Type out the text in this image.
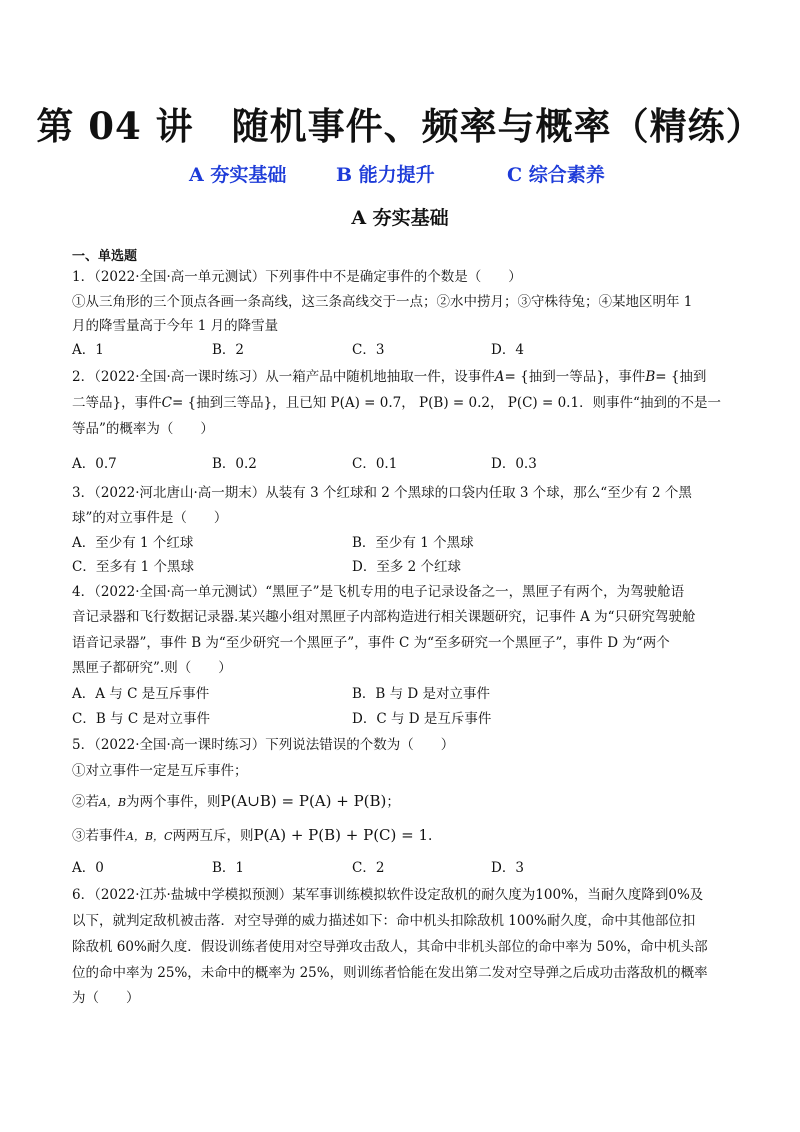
第 04 讲　随机事件、频率与概率（精练）
A 夯实基础	B 能力提升	C 综合素养
A 夯实基础
一、单选题
1．（2022·全国·高一单元测试）下列事件中不是确定事件的个数是（　　）
①从三角形的三个顶点各画一条高线，这三条高线交于一点；②水中捞月；③守株待兔；④某地区明年 1
月的降雪量高于今年 1 月的降雪量
A．1	B．2	C．3	D．4
2．（2022·全国·高一课时练习）从一箱产品中随机地抽取一件，设事件A= {抽到一等品}，事件B= {抽到
二等品}，事件C= {抽到三等品}，且已知 P(A) = 0.7， P(B) = 0.2， P(C) = 0.1．则事件“抽到的不是一
等品”的概率为（　　）
A．0.7	B．0.2	C．0.1	D．0.3
3．（2022·河北唐山·高一期末）从装有 3 个红球和 2 个黑球的口袋内任取 3 个球，那么“至少有 2 个黑
球”的对立事件是（　　）
A．至少有 1 个红球	B．至少有 1 个黑球
C．至多有 1 个黑球	D．至多 2 个红球
4．（2022·全国·高一单元测试）“黑匣子”是飞机专用的电子记录设备之一，黑匣子有两个，为驾驶舱语
音记录器和飞行数据记录器.某兴趣小组对黑匣子内部构造进行相关课题研究，记事件 A 为“只研究驾驶舱
语音记录器”，事件 B 为“至少研究一个黑匣子”，事件 C 为“至多研究一个黑匣子”，事件 D 为“两个
黑匣子都研究”.则（　　）
A．A 与 C 是互斥事件	B．B 与 D 是对立事件
C．B 与 C 是对立事件	D．C 与 D 是互斥事件
5．（2022·全国·高一课时练习）下列说法错误的个数为（　　）
①对立事件一定是互斥事件；
②若A，B为两个事件，则P(A∪B) = P(A) + P(B)；
③若事件A，B，C两两互斥，则P(A) + P(B) + P(C) = 1.
A．0	B．1	C．2	D．3
6．（2022·江苏·盐城中学模拟预测）某军事训练模拟软件设定敌机的耐久度为100%，当耐久度降到0%及
以下，就判定敌机被击落．对空导弹的威力描述如下：命中机头扣除敌机 100%耐久度，命中其他部位扣
除敌机 60%耐久度．假设训练者使用对空导弹攻击敌人，其命中非机头部位的命中率为 50%，命中机头部
位的命中率为 25%，未命中的概率为 25%，则训练者恰能在发出第二发对空导弹之后成功击落敌机的概率
为（　　）
